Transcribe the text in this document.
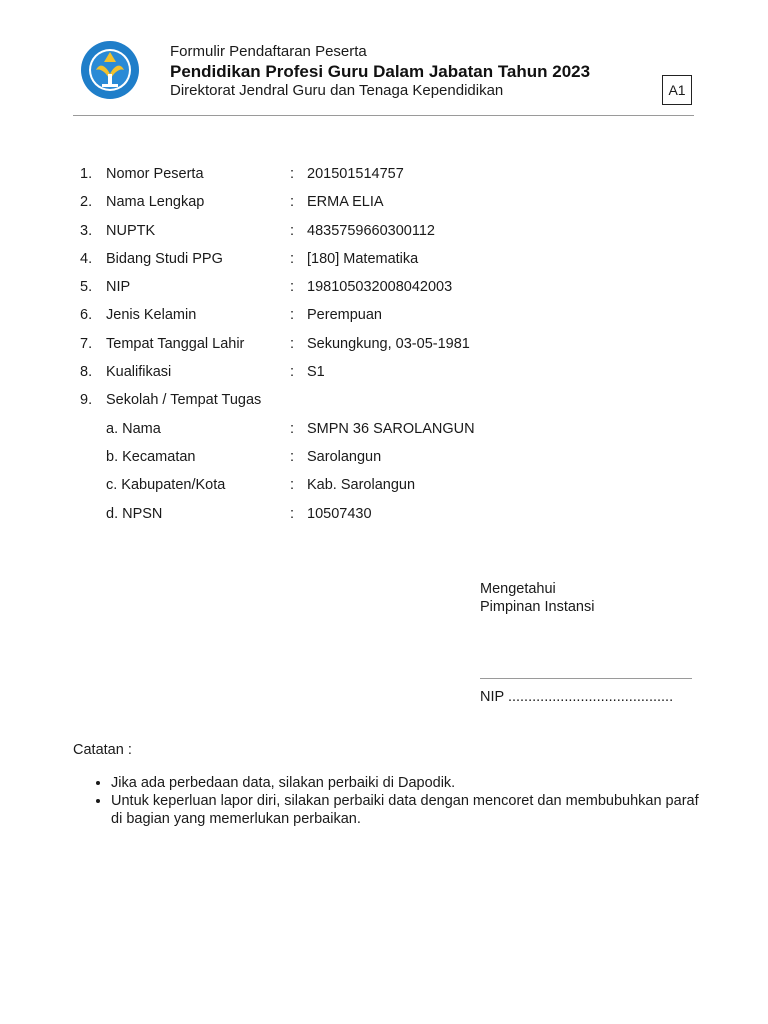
Formulir Pendaftaran Peserta
Pendidikan Profesi Guru Dalam Jabatan Tahun 2023
Direktorat Jendral Guru dan Tenaga Kependidikan	A1
1. Nomor Peserta	: 201501514757
2. Nama Lengkap	: ERMA ELIA
3. NUPTK	: 4835759660300112
4. Bidang Studi PPG	: [180] Matematika
5. NIP	: 198105032008042003
6. Jenis Kelamin	: Perempuan
7. Tempat Tanggal Lahir	: Sekungkung, 03-05-1981
8. Kualifikasi	: S1
9. Sekolah / Tempat Tugas
a. Nama	: SMPN 36 SAROLANGUN
b. Kecamatan	: Sarolangun
c. Kabupaten/Kota	: Kab. Sarolangun
d. NPSN	: 10507430
Mengetahui
Pimpinan Instansi
NIP .........................................
Catatan :
• Jika ada perbedaan data, silakan perbaiki di Dapodik.
• Untuk keperluan lapor diri, silakan perbaiki data dengan mencoret dan membubuhkan paraf di bagian yang memerlukan perbaikan.
